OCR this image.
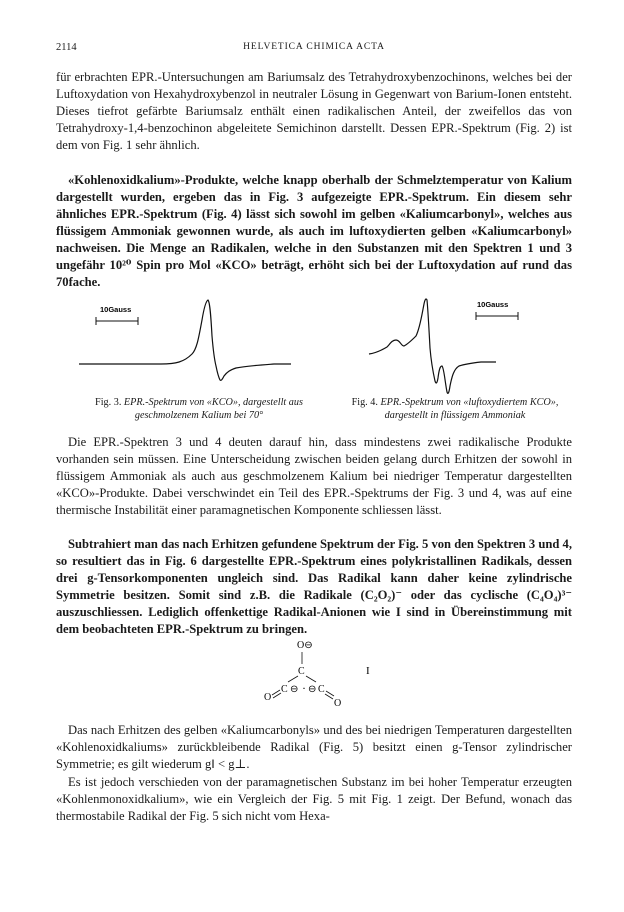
2114	HELVETICA CHIMICA ACTA

für erbrachten EPR.-Untersuchungen am Bariumsalz des Tetrahydroxybenzochinons, welches bei der Luftoxydation von Hexahydroxybenzol in neutraler Lösung in Gegenwart von Barium-Ionen entsteht. Dieses tiefrot gefärbte Bariumsalz enthält einen radikalischen Anteil, der zweifellos das von Tetrahydroxy-1,4-benzochinon abgeleitete Semichinon darstellt. Dessen EPR.-Spektrum (Fig. 2) ist dem von Fig. 1 sehr ähnlich.

«Kohlenoxidkalium»-Produkte, welche knapp oberhalb der Schmelztemperatur von Kalium dargestellt wurden, ergeben das in Fig. 3 aufgezeigte EPR.-Spektrum. Ein diesem sehr ähnliches EPR.-Spektrum (Fig. 4) lässt sich sowohl im gelben «Kaliumcarbonyl», welches aus flüssigem Ammoniak gewonnen wurde, als auch im luftoxydierten gelben «Kaliumcarbonyl» nachweisen. Die Menge an Radikalen, welche in den Substanzen mit den Spektren 1 und 3 ungefähr 10²⁰ Spin pro Mol «KCO» beträgt, erhöht sich bei der Luftoxydation auf rund das 70fache.

10Gauss
10Gauss
Fig. 3. EPR.-Spektrum von «KCO», dargestellt aus geschmolzenem Kalium bei 70°
Fig. 4. EPR.-Spektrum von «luftoxydiertem KCO», dargestellt in flüssigem Ammoniak

Die EPR.-Spektren 3 und 4 deuten darauf hin, dass mindestens zwei radikalische Produkte vorhanden sein müssen. Eine Unterscheidung zwischen beiden gelang durch Erhitzen der sowohl in flüssigem Ammoniak als auch aus geschmolzenem Kalium bei niedriger Temperatur dargestellten «KCO»-Produkte. Dabei verschwindet ein Teil des EPR.-Spektrums der Fig. 3 und 4, was auf eine thermische Instabilität einer paramagnetischen Komponente schliessen lässt.

Subtrahiert man das nach Erhitzen gefundene Spektrum der Fig. 5 von den Spektren 3 und 4, so resultiert das in Fig. 6 dargestellte EPR.-Spektrum eines polykristallinen Radikals, dessen drei g-Tensorkomponenten ungleich sind. Das Radikal kann daher keine zylindrische Symmetrie besitzen. Somit sind z.B. die Radikale (C₂O₂)⁻ oder das cyclische (C₄O₄)³⁻ auszuschliessen. Lediglich offenkettige Radikal-Anionen wie I sind in Übereinstimmung mit dem beobachteten EPR.-Spektrum zu bringen.

O⊖
C
O
C ⊖ · ⊖ C
O
I

Das nach Erhitzen des gelben «Kaliumcarbonyls» und des bei niedrigen Temperaturen dargestellten «Kohlenoxidkaliums» zurückbleibende Radikal (Fig. 5) besitzt einen g-Tensor zylindrischer Symmetrie; es gilt wiederum g‖ < g⊥.

Es ist jedoch verschieden von der paramagnetischen Substanz im bei hoher Temperatur erzeugten «Kohlenmonoxidkalium», wie ein Vergleich der Fig. 5 mit Fig. 1 zeigt. Der Befund, wonach das thermostabile Radikal der Fig. 5 sich nicht vom Hexa-
